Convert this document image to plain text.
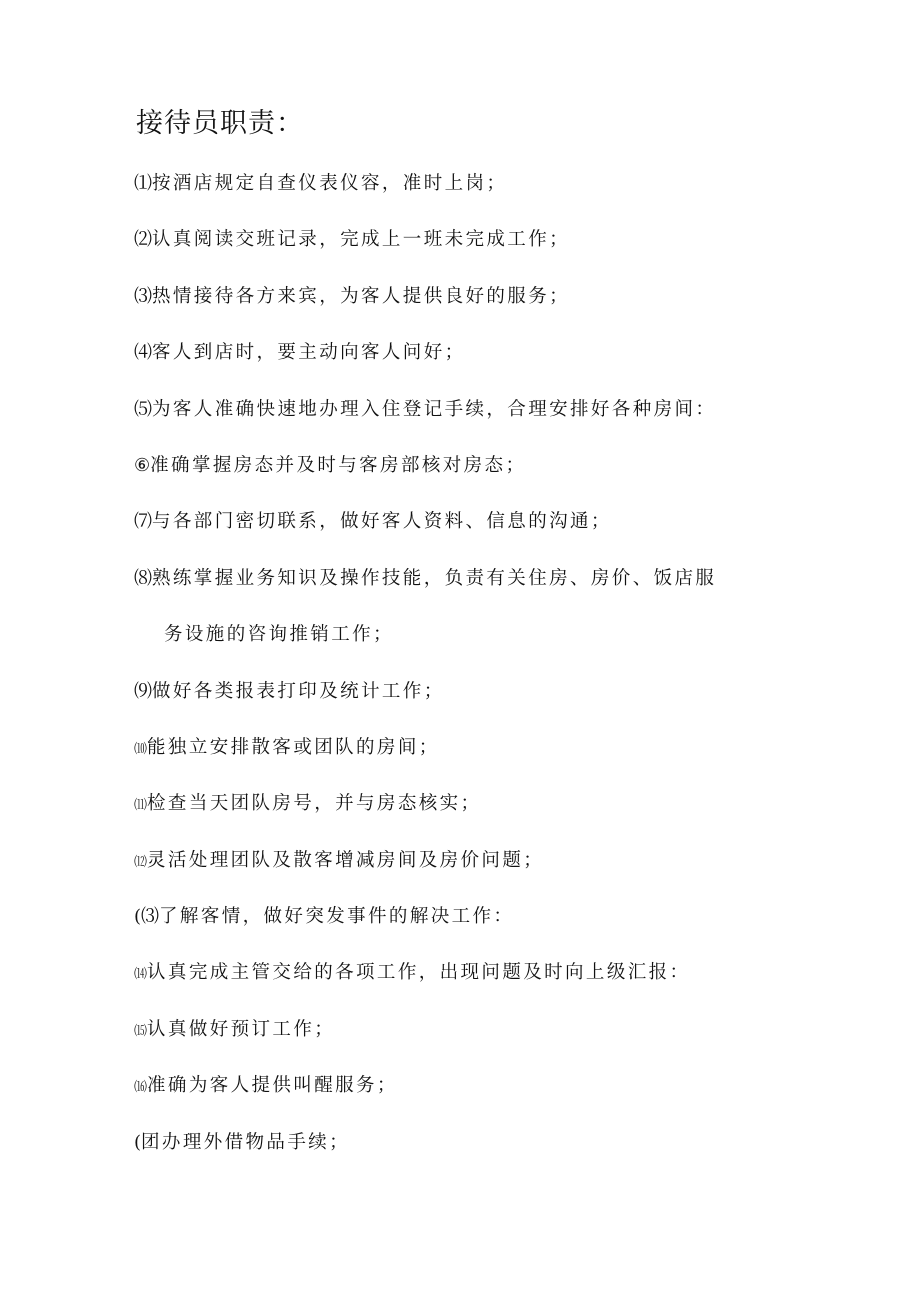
接待员职责：
⑴按酒店规定自查仪表仪容，准时上岗；
⑵认真阅读交班记录，完成上一班未完成工作；
⑶热情接待各方来宾，为客人提供良好的服务；
⑷客人到店时，要主动向客人问好；
⑸为客人准确快速地办理入住登记手续，合理安排好各种房间：
⑥准确掌握房态并及时与客房部核对房态；
⑺与各部门密切联系，做好客人资料、信息的沟通；
⑻熟练掌握业务知识及操作技能，负责有关住房、房价、饭店服
务设施的咨询推销工作；
⑼做好各类报表打印及统计工作；
⑽能独立安排散客或团队的房间；
⑾检查当天团队房号，并与房态核实；
⑿灵活处理团队及散客增减房间及房价问题；
(⑶了解客情，做好突发事件的解决工作：
⒁认真完成主管交给的各项工作，出现问题及时向上级汇报：
⒂认真做好预订工作；
⒃准确为客人提供叫醒服务；
(团办理外借物品手续；
